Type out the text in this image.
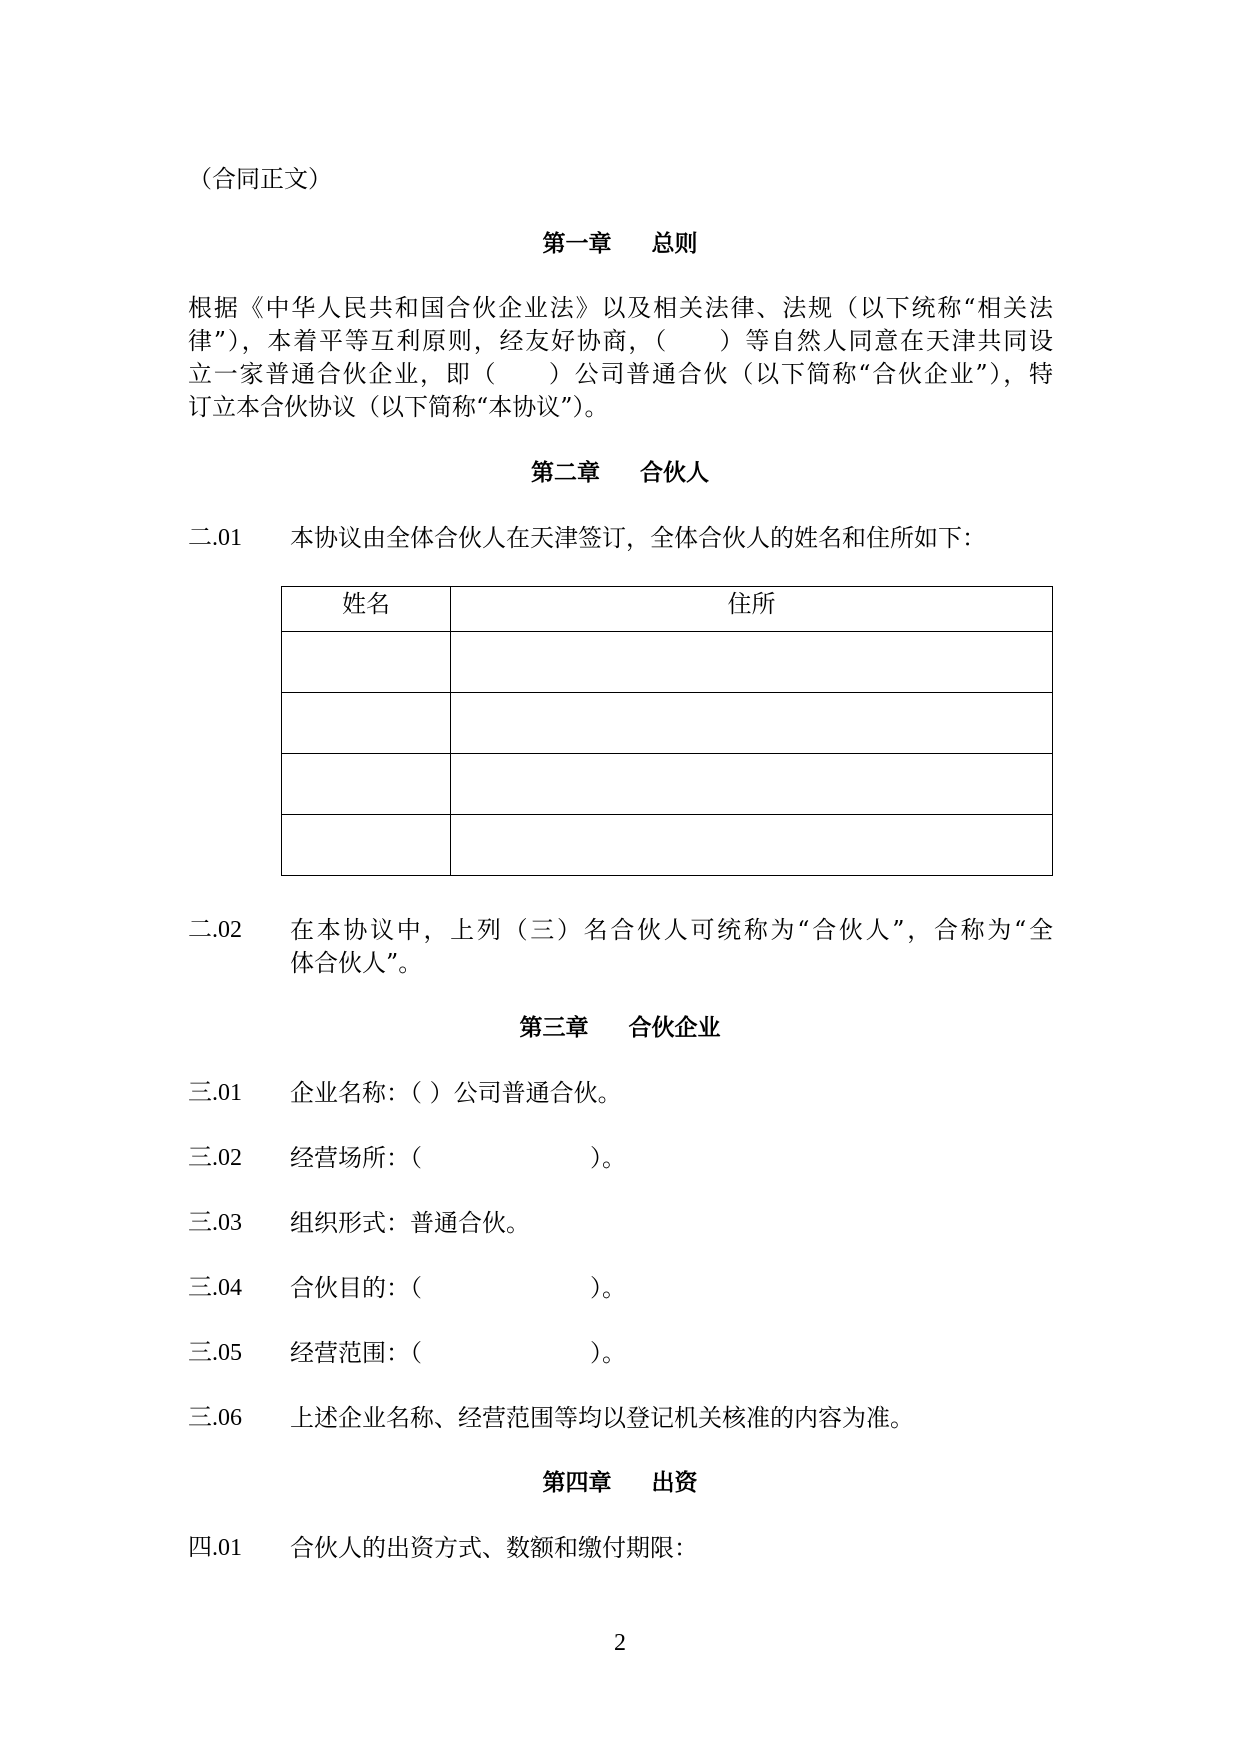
（合同正文）
第一章 总则
根据《中华人民共和国合伙企业法》以及相关法律、法规（以下统称“相关法
律”），本着平等互利原则，经友好协商，（　　）等自然人同意在天津共同设
立一家普通合伙企业，即（　　）公司普通合伙（以下简称“合伙企业”），特
订立本合伙协议（以下简称“本协议”）。
第二章 合伙人
二.01 本协议由全体合伙人在天津签订，全体合伙人的姓名和住所如下：
姓名	住所

二.02 在本协议中，上列（三）名合伙人可统称为“合伙人”，合称为“全
体合伙人”。
第三章 合伙企业
三.01 企业名称：（ ）公司普通合伙。
三.02 经营场所：（　　　　　　　）。
三.03 组织形式：普通合伙。
三.04 合伙目的：（　　　　　　　）。
三.05 经营范围：（　　　　　　　）。
三.06 上述企业名称、经营范围等均以登记机关核准的内容为准。
第四章 出资
四.01 合伙人的出资方式、数额和缴付期限：
2
